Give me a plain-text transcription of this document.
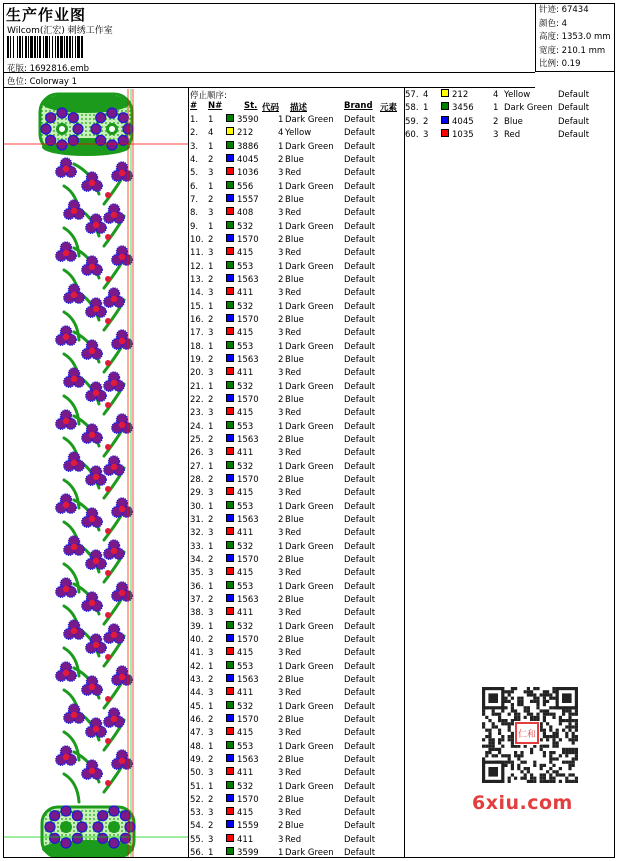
生产作业图
Wilcom(汇宏) 刺绣工作室
花版: 1692816.emb
色位: Colorway 1
针迹: 67434
颜色: 4
高度: 1353.0 mm
宽度: 210.1 mm
比例: 0.19
停止顺序:
# N#	St. 代码 描述	Brand 元素
1. 1	3590 1 Dark Green Default
2. 4	212	4 Yellow	Default
3. 1	3886 1 Dark Green Default
4. 2	4045 2 Blue	Default
5. 3	1036 3 Red	Default
6. 1	556	1 Dark Green Default
7. 2	1557 2 Blue	Default
8. 3	408	3 Red	Default
9. 1	532	1 Dark Green Default
10. 2	1570 2 Blue	Default
11. 3	415	3 Red	Default
12. 1	553	1 Dark Green Default
13. 2	1563 2 Blue	Default
14. 3	411	3 Red	Default
15. 1	532	1 Dark Green Default
16. 2	1570 2 Blue	Default
17. 3	415	3 Red	Default
18. 1	553	1 Dark Green Default
19. 2	1563 2 Blue	Default
20. 3	411	3 Red	Default
21. 1	532	1 Dark Green Default
22. 2	1570 2 Blue	Default
23. 3	415	3 Red	Default
24. 1	553	1 Dark Green Default
25. 2	1563 2 Blue	Default
26. 3	411	3 Red	Default
27. 1	532	1 Dark Green Default
28. 2	1570 2 Blue	Default
29. 3	415	3 Red	Default
30. 1	553	1 Dark Green Default
31. 2	1563 2 Blue	Default
32. 3	411	3 Red	Default
33. 1	532	1 Dark Green Default
34. 2	1570 2 Blue	Default
35. 3	415	3 Red	Default
36. 1	553	1 Dark Green Default
37. 2	1563 2 Blue	Default
38. 3	411	3 Red	Default
39. 1	532	1 Dark Green Default
40. 2	1570 2 Blue	Default
41. 3	415	3 Red	Default
42. 1	553	1 Dark Green Default
43. 2	1563 2 Blue	Default
44. 3	411	3 Red	Default
45. 1	532	1 Dark Green Default
46. 2	1570 2 Blue	Default
47. 3	415	3 Red	Default
48. 1	553	1 Dark Green Default
49. 2	1563 2 Blue	Default
50. 3	411	3 Red	Default
51. 1	532	1 Dark Green Default
52. 2	1570 2 Blue	Default
53. 3	415	3 Red	Default
54. 2	1559 2 Blue	Default
55. 3	411	3 Red	Default
56. 1	3599 1 Dark Green Default
57. 4	212	4 Yellow	Default
58. 1	3456 1 Dark Green Default
59. 2	4045 2 Blue	Default
60. 3	1035 3 Red	Default
仁和
6xiu.com
